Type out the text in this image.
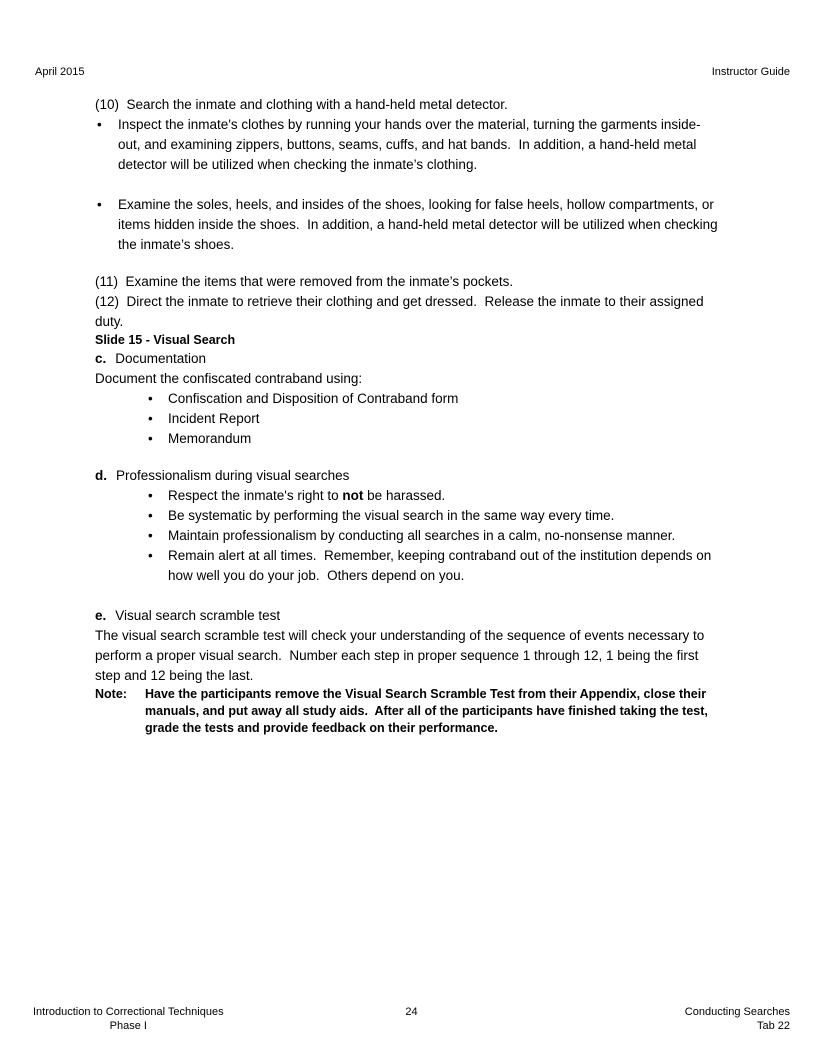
April 2015	Instructor Guide

(10)  Search the inmate and clothing with a hand-held metal detector.

•	Inspect the inmate's clothes by running your hands over the material, turning the garments inside-out, and examining zippers, buttons, seams, cuffs, and hat bands.  In addition, a hand-held metal detector will be utilized when checking the inmate’s clothing.
•	Examine the soles, heels, and insides of the shoes, looking for false heels, hollow compartments, or items hidden inside the shoes.  In addition, a hand-held metal detector will be utilized when checking the inmate’s shoes.

(11)  Examine the items that were removed from the inmate’s pockets.

(12)  Direct the inmate to retrieve their clothing and get dressed.  Release the inmate to their assigned duty.

Slide 15 - Visual Search

c. Documentation

Document the confiscated contraband using:

•	Confiscation and Disposition of Contraband form
•	Incident Report
•	Memorandum

d. Professionalism during visual searches

•	Respect the inmate's right to not be harassed.
•	Be systematic by performing the visual search in the same way every time.
•	Maintain professionalism by conducting all searches in a calm, no-nonsense manner.
•	Remain alert at all times.  Remember, keeping contraband out of the institution depends on how well you do your job.  Others depend on you.

e. Visual search scramble test

The visual search scramble test will check your understanding of the sequence of events necessary to perform a proper visual search.  Number each step in proper sequence 1 through 12, 1 being the first step and 12 being the last.

Note:	Have the participants remove the Visual Search Scramble Test from their Appendix, close their manuals, and put away all study aids.  After all of the participants have finished taking the test, grade the tests and provide feedback on their performance.
Introduction to Correctional Techniques
Phase I
24	Conducting Searches
Tab 22
